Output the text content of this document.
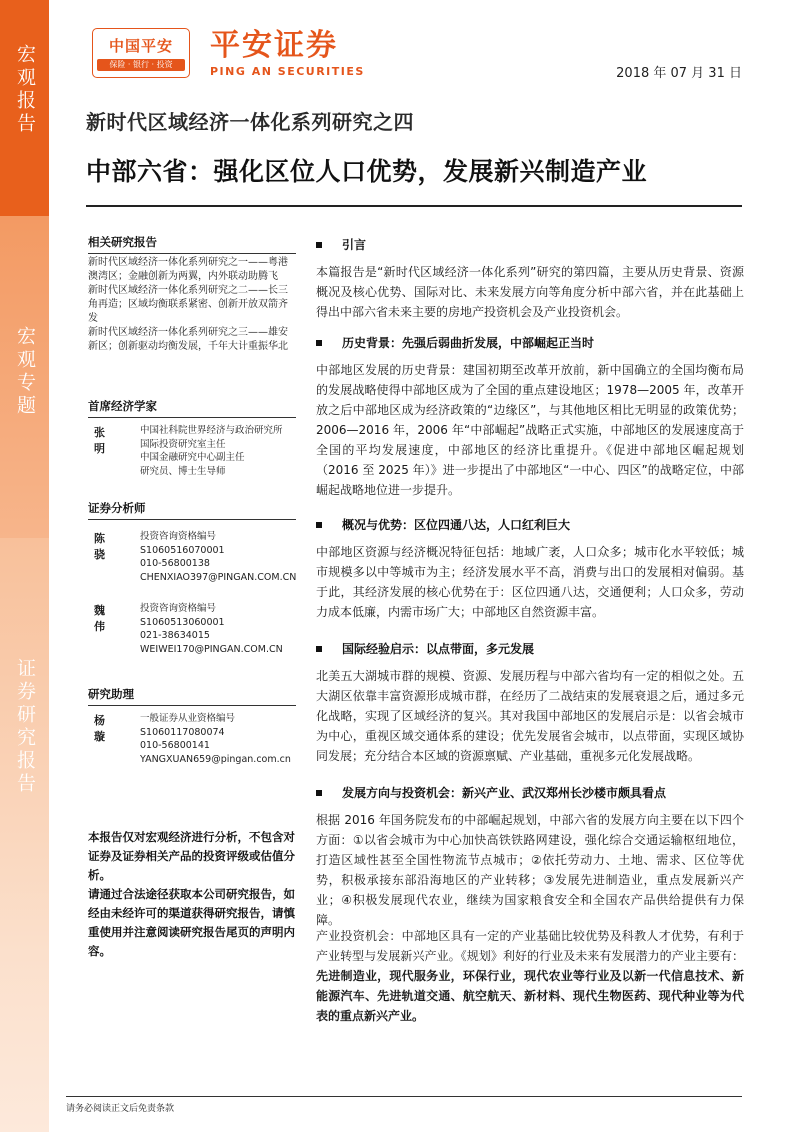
宏观报告
宏观专题
证券研究报告
中国平安
保险 · 银行 · 投资
平安证券
PING AN SECURITIES	2018 年 07 月 31 日
新时代区域经济一体化系列研究之四
中部六省：强化区位人口优势，发展新兴制造产业
相关研究报告

新时代区域经济一体化系列研究之一——粤港澳湾区；金融创新为两翼，内外联动助腾飞

新时代区域经济一体化系列研究之二——长三角再造；区域均衡联系紧密、创新开放双箭齐发

新时代区域经济一体化系列研究之三——雄安新区；创新驱动均衡发展，千年大计重振华北

首席经济学家
张明
中国社科院世界经济与政治研究所
国际投资研究室主任
中国金融研究中心副主任
研究员、博士生导师
证券分析师
陈骁
投资咨询资格编号
S1060516070001
010-56800138
CHENXIAO397@PINGAN.COM.CN
魏伟
投资咨询资格编号
S1060513060001
021-38634015
WEIWEI170@PINGAN.COM.CN
研究助理
杨璇
一般证券从业资格编号
S1060117080074
010-56800141
YANGXUAN659@pingan.com.cn

本报告仅对宏观经济进行分析，不包含对证券及证券相关产品的投资评级或估值分析。

请通过合法途径获取本公司研究报告，如经由未经许可的渠道获得研究报告，请慎重使用并注意阅读研究报告尾页的声明内容。

引言

本篇报告是“新时代区域经济一体化系列”研究的第四篇，主要从历史背景、资源概况及核心优势、国际对比、未来发展方向等角度分析中部六省，并在此基础上得出中部六省未来主要的房地产投资机会及产业投资机会。

历史背景：先强后弱曲折发展，中部崛起正当时

中部地区发展的历史背景：建国初期至改革开放前，新中国确立的全国均衡布局的发展战略使得中部地区成为了全国的重点建设地区；1978—2005 年，改革开放之后中部地区成为经济政策的“边缘区”，与其他地区相比无明显的政策优势；2006—2016 年，2006 年“中部崛起”战略正式实施，中部地区的发展速度高于全国的平均发展速度，中部地区的经济比重提升。《促进中部地区崛起规划（2016 至 2025 年）》进一步提出了中部地区“一中心、四区”的战略定位，中部崛起战略地位进一步提升。

概况与优势：区位四通八达，人口红利巨大

中部地区资源与经济概况特征包括：地域广袤，人口众多；城市化水平较低；城市规模多以中等城市为主；经济发展水平不高，消费与出口的发展相对偏弱。基于此，其经济发展的核心优势在于：区位四通八达，交通便利；人口众多，劳动力成本低廉，内需市场广大；中部地区自然资源丰富。

国际经验启示：以点带面，多元发展

北美五大湖城市群的规模、资源、发展历程与中部六省均有一定的相似之处。五大湖区依靠丰富资源形成城市群，在经历了二战结束的发展衰退之后，通过多元化战略，实现了区域经济的复兴。其对我国中部地区的发展启示是：以省会城市为中心，重视区域交通体系的建设；优先发展省会城市，以点带面，实现区域协同发展；充分结合本区域的资源禀赋、产业基础，重视多元化发展战略。

发展方向与投资机会：新兴产业、武汉郑州长沙楼市颇具看点

根据 2016 年国务院发布的中部崛起规划，中部六省的发展方向主要在以下四个方面：①以省会城市为中心加快高铁铁路网建设，强化综合交通运输枢纽地位，打造区域性甚至全国性物流节点城市；②依托劳动力、土地、需求、区位等优势，积极承接东部沿海地区的产业转移；③发展先进制造业，重点发展新兴产业；④积极发展现代农业，继续为国家粮食安全和全国农产品供给提供有力保障。

产业投资机会：中部地区具有一定的产业基础比较优势及科教人才优势，有利于产业转型与发展新兴产业。《规划》利好的行业及未来有发展潜力的产业主要有：先进制造业，现代服务业，环保行业，现代农业等行业及以新一代信息技术、新能源汽车、先进轨道交通、航空航天、新材料、现代生物医药、现代种业等为代表的重点新兴产业。

请务必阅读正文后免责条款
